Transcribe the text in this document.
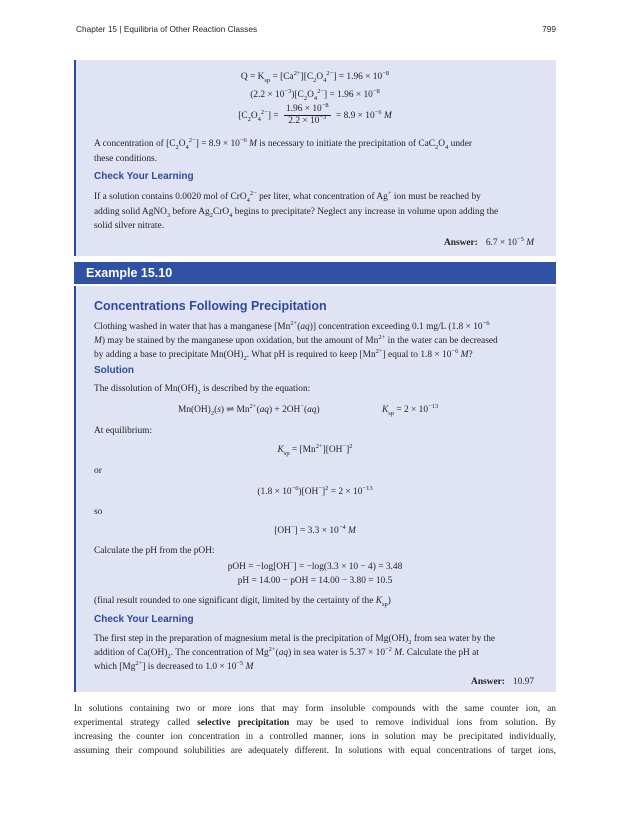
Chapter 15 | Equilibria of Other Reaction Classes	799
$Q = K_{sp} = [Ca^{2+}][C_2O_4^{2-}] = 1.96 \times 10^{-8}$
$(2.2 \times 10^{-3})[C_2O_4^{2-}] = 1.96 \times 10^{-8}$
$[C_2O_4^{2-}] = \frac{1.96 \times 10^{-8}}{2.2 \times 10^{-3}} = 8.9 \times 10^{-6}$ M
A concentration of $[C_2O_4^{2-}] = 8.9 \times 10^{-6}$ M is necessary to initiate the precipitation of $CaC_2O_4$ under
these conditions.
Check Your Learning
If a solution contains 0.0020 mol of CrO$_4^{2-}$ per liter, what concentration of Ag+ ion must be reached by
adding solid AgNO$_3$ before $Ag_2CrO_4$ begins to precipitate? Neglect any increase in volume upon adding the
solid silver nitrate.
Answer: $6.7 \times 10^{-5}$ M
Example 15.10
Concentrations Following Precipitation
Clothing washed in water that has a manganese $[Mn^{2+}(aq)]$ concentration exceeding 0.1 mg/L ($1.8 \times 10^{-6}$
M) may be stained by the manganese upon oxidation, but the amount of $Mn^{2+}$ in the water can be decreased
by adding a base to precipitate $Mn(OH)_2$. What pH is required to keep $[Mn^{2+}]$ equal to $1.8 \times 10^{-6}$ M?
Solution
The dissolution of $Mn(OH)_2$ is described by the equation:
$Mn(OH)_2(s)$ ⇌ $Mn^{2+}(aq) + 2OH^-(aq)$	$K_{sp} = 2 \times 10^{-13}$
At equilibrium:
$K_{sp} = [Mn^{2+}][OH^-]^2$
or
$(1.8 \times 10^{-6})[OH^-]^2 = 2 \times 10^{-13}$
so
$[OH^-] = 3.3 \times 10^{-4}$ M
Calculate the pH from the pOH:
pOH = −log[OH−] = −log(3.3 × 10 − 4) = 3.48
pH = 14.00 − pOH = 14.00 − 3.80 = 10.5
(final result rounded to one significant digit, limited by the certainty of the $K_{sp}$)
Check Your Learning
The first step in the preparation of magnesium metal is the precipitation of $Mg(OH)_2$ from sea water by the
addition of $Ca(OH)_2$. The concentration of $Mg^{2+}(aq)$ in sea water is $5.37 \times 10^{-2}$ M. Calculate the pH at
which $[Mg^{2+}]$ is decreased to $1.0 \times 10^{-5}$ M
Answer: 10.97
In solutions containing two or more ions that may form insoluble compounds with the same counter ion, an
experimental strategy called selective precipitation may be used to remove individual ions from solution. By
increasing the counter ion concentration in a controlled manner, ions in solution may be precipitated individually,
assuming their compound solubilities are adequately different. In solutions with equal concentrations of target ions,
